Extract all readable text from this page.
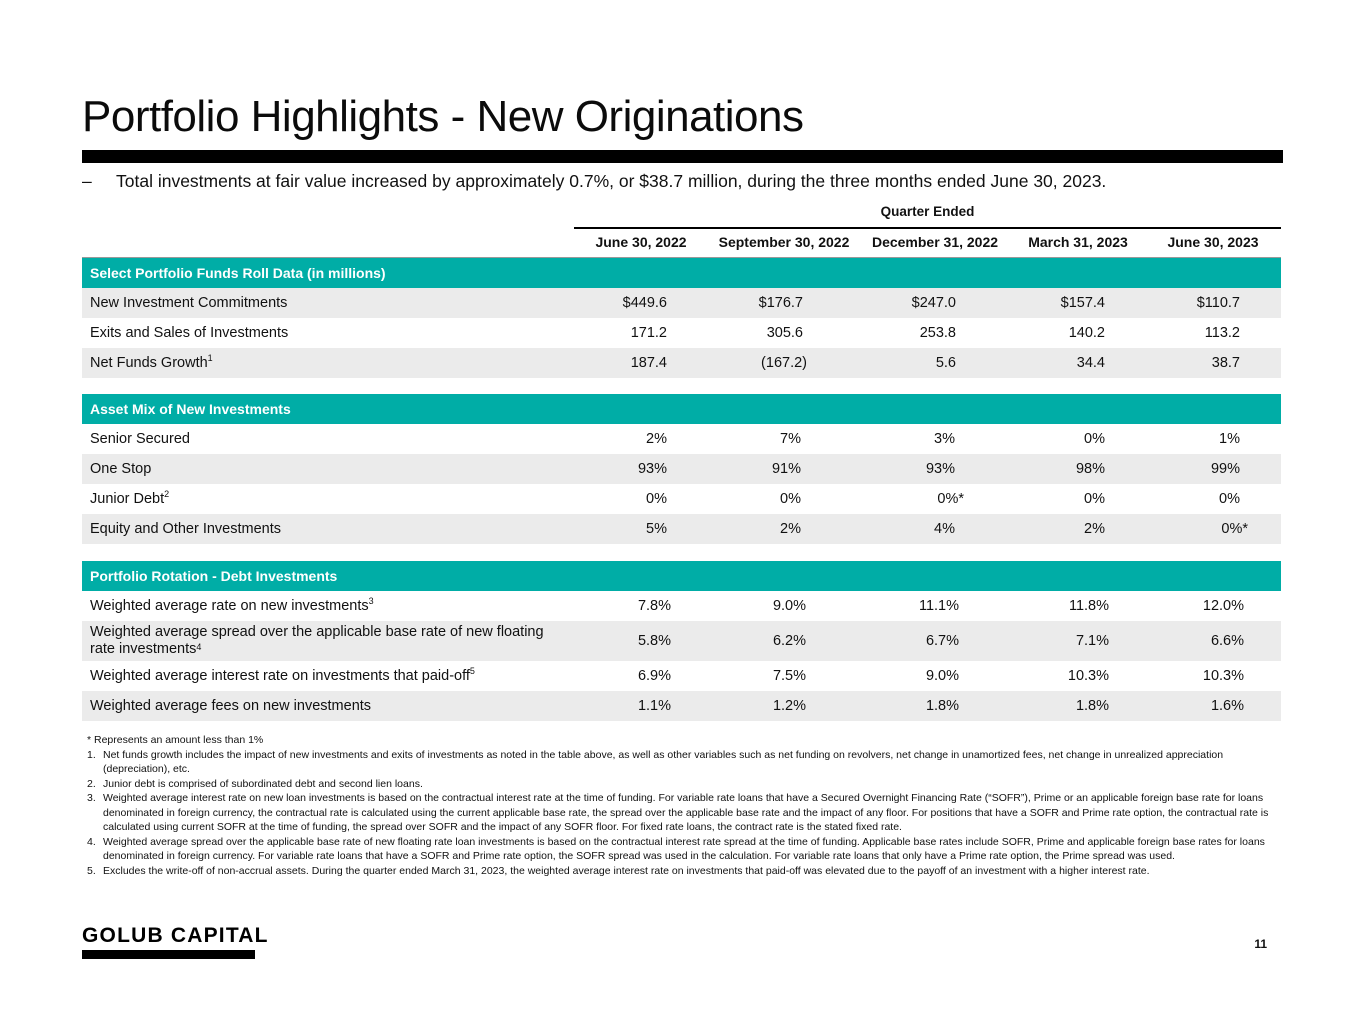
Portfolio Highlights - New Originations
– Total investments at fair value increased by approximately 0.7%, or $38.7 million, during the three months ended June 30, 2023.
Quarter Ended
June 30, 2022	September 30, 2022	December 31, 2022	March 31, 2023	June 30, 2023
Select Portfolio Funds Roll Data (in millions)
New Investment Commitments	$449.6	$176.7	$247.0	$157.4	$110.7
Exits and Sales of Investments	171.2	305.6	253.8	140.2	113.2
Net Funds Growth$^1$	187.4	(167.2)	5.6	34.4	38.7
Asset Mix of New Investments
Senior Secured	2%	7%	3%	0%	1%
One Stop	93%	91%	93%	98%	99%
Junior Debt$^2$	0%	0%	0%*	0%	0%
Equity and Other Investments	5%	2%	4%	2%	0%*
Portfolio Rotation - Debt Investments
Weighted average rate on new investments$^3$	7.8%	9.0%	11.1%	11.8%	12.0%
Weighted average spread over the applicable base rate of new floating rate investments$^4$	5.8%	6.2%	6.7%	7.1%	6.6%
Weighted average interest rate on investments that paid-off$^5$	6.9%	7.5%	9.0%	10.3%	10.3%
Weighted average fees on new investments	1.1%	1.2%	1.8%	1.8%	1.6%
* Represents an amount less than 1%
1. Net funds growth includes the impact of new investments and exits of investments as noted in the table above, as well as other variables such as net funding on revolvers, net change in unamortized fees, net change in unrealized appreciation (depreciation), etc.
2. Junior debt is comprised of subordinated debt and second lien loans.
3. Weighted average interest rate on new loan investments is based on the contractual interest rate at the time of funding. For variable rate loans that have a Secured Overnight Financing Rate (“SOFR”), Prime or an applicable foreign base rate for loans denominated in foreign currency, the contractual rate is calculated using the current applicable base rate, the spread over the applicable base rate and the impact of any floor. For positions that have a SOFR and Prime rate option, the contractual rate is calculated using current SOFR at the time of funding, the spread over SOFR and the impact of any SOFR floor. For fixed rate loans, the contract rate is the stated fixed rate.
4. Weighted average spread over the applicable base rate of new floating rate loan investments is based on the contractual interest rate spread at the time of funding. Applicable base rates include SOFR, Prime and applicable foreign base rates for loans denominated in foreign currency. For variable rate loans that have a SOFR and Prime rate option, the SOFR spread was used in the calculation. For variable rate loans that only have a Prime rate option, the Prime spread was used.
5. Excludes the write-off of non-accrual assets. During the quarter ended March 31, 2023, the weighted average interest rate on investments that paid-off was elevated due to the payoff of an investment with a higher interest rate.
GOLUB CAPITAL	11
